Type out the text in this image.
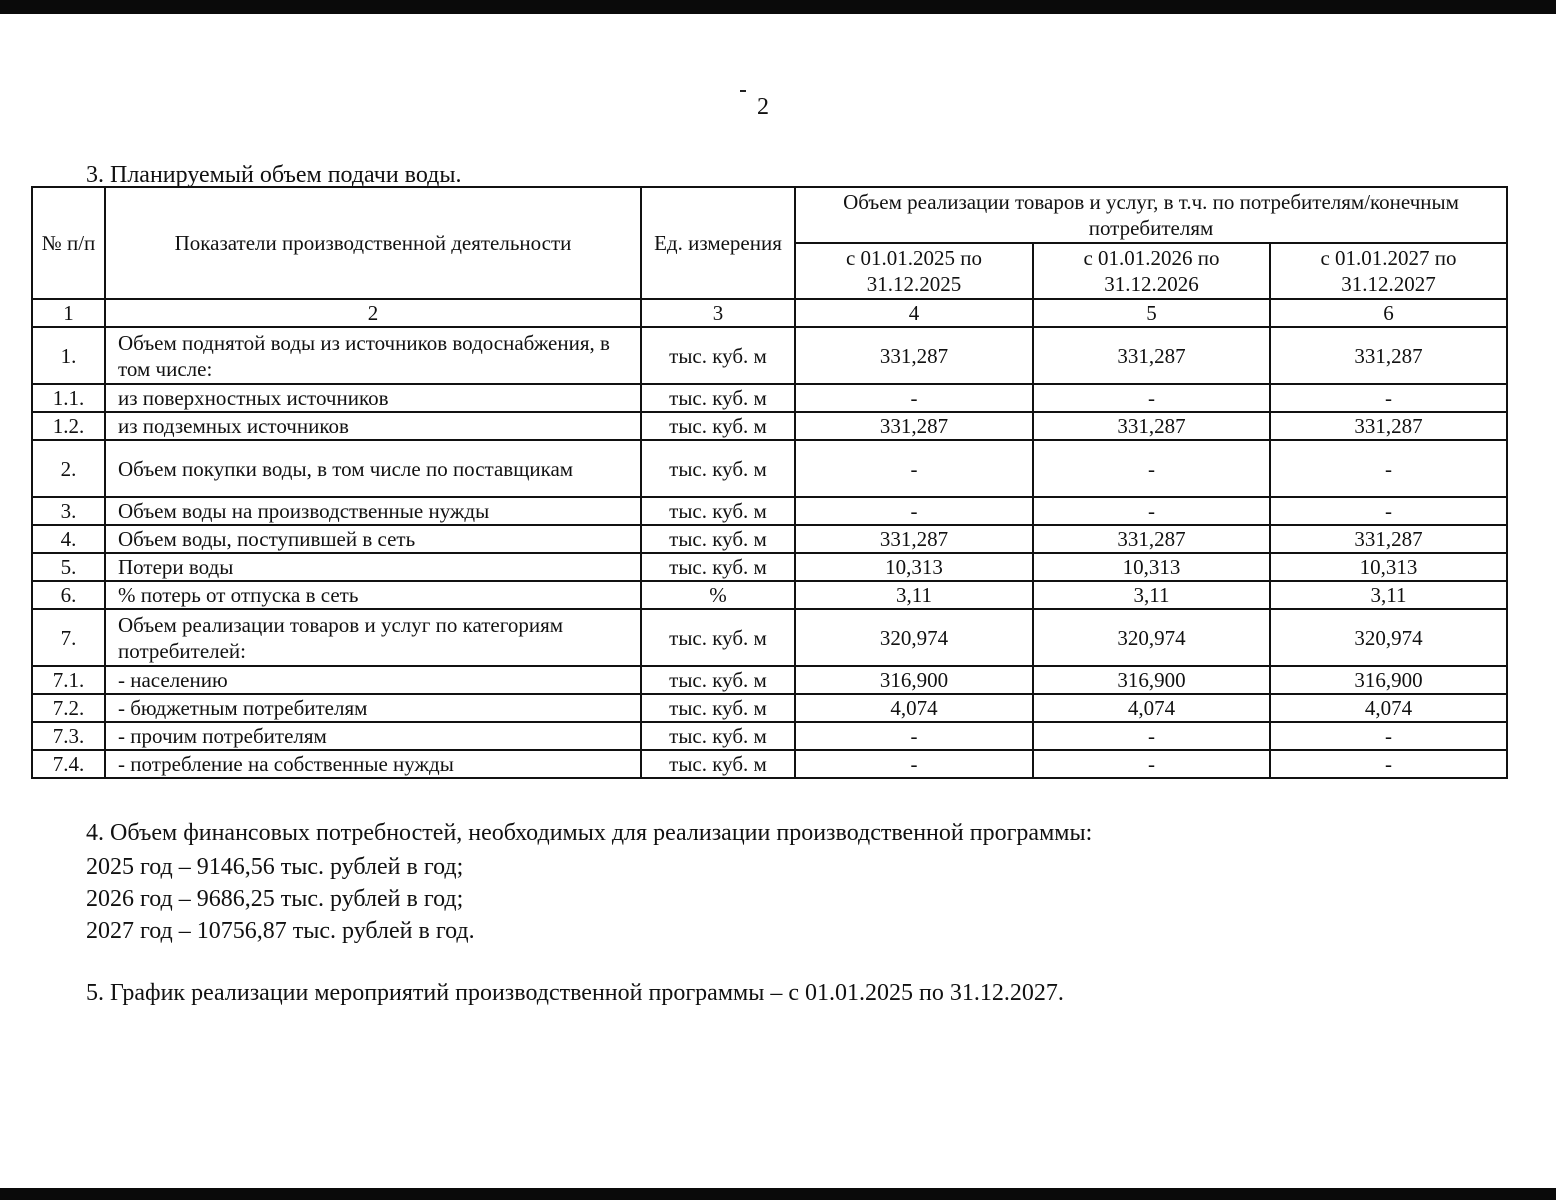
2
3. Планируемый объем подачи воды.
№ п/п	Показатели производственной деятельности	Ед. измерения	Объем реализации товаров и услуг, в т.ч. по потребителям/конечным потребителям		
			с 01.01.2025 по 31.12.2025	с 01.01.2026 по 31.12.2026	с 01.01.2027 по 31.12.2027
1	2	3	4	5	6
1.	Объем поднятой воды из источников водоснабжения, в том числе:	тыс. куб. м	331,287	331,287	331,287
1.1.	из поверхностных источников	тыс. куб. м	-	-	-
1.2.	из подземных источников	тыс. куб. м	331,287	331,287	331,287
2.	Объем покупки воды, в том числе по поставщикам	тыс. куб. м	-	-	-
3.	Объем воды на производственные нужды	тыс. куб. м	-	-	-
4.	Объем воды, поступившей в сеть	тыс. куб. м	331,287	331,287	331,287
5.	Потери воды	тыс. куб. м	10,313	10,313	10,313
6.	% потерь от отпуска в сеть	%	3,11	3,11	3,11
7.	Объем реализации товаров и услуг по категориям потребителей:	тыс. куб. м	320,974	320,974	320,974
7.1.	- населению	тыс. куб. м	316,900	316,900	316,900
7.2.	- бюджетным потребителям	тыс. куб. м	4,074	4,074	4,074
7.3.	- прочим потребителям	тыс. куб. м	-	-	-
7.4.	- потребление на собственные нужды	тыс. куб. м	-	-	-
4. Объем финансовых потребностей, необходимых для реализации производственной программы:
2025 год – 9146,56 тыс. рублей в год;
2026 год – 9686,25 тыс. рублей в год;
2027 год – 10756,87 тыс. рублей в год.
5. График реализации мероприятий производственной программы – с 01.01.2025 по 31.12.2027.
